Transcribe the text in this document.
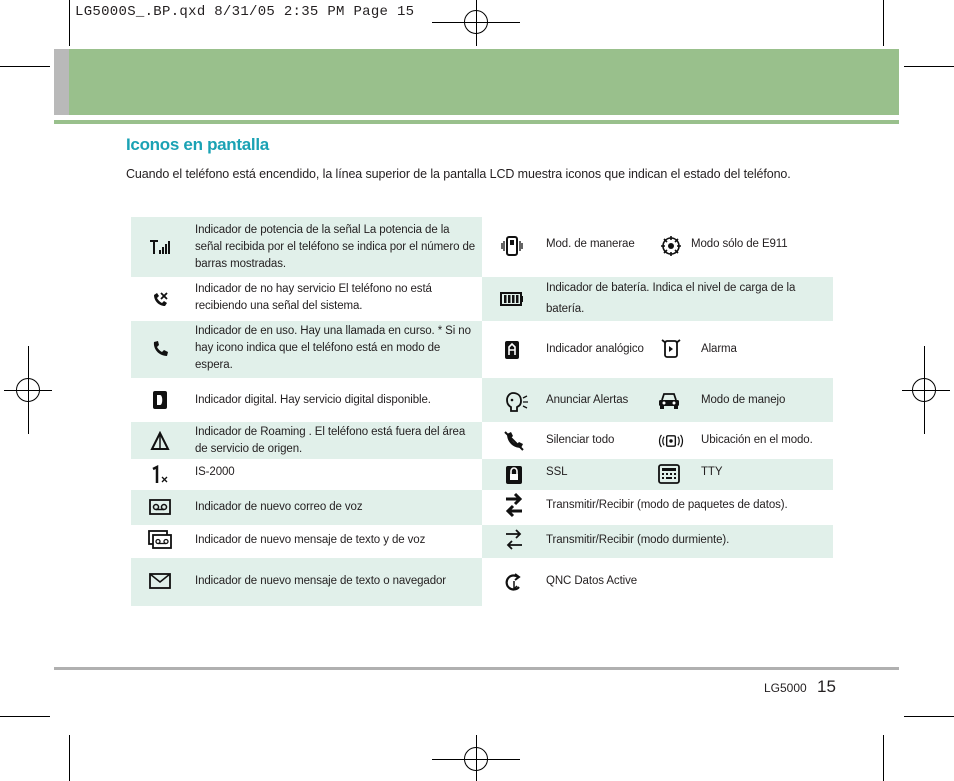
LG5000S_.BP.qxd 8/31/05 2:35 PM Page 15
Iconos en pantalla

Cuando el teléfono está encendido, la línea superior de la pantalla LCD muestra iconos que indican el estado del teléfono.

Indicador de potencia de la señal La potencia de la señal recibida por el teléfono se indica por el número de barras mostradas.
Indicador de no hay servicio El teléfono no está recibiendo una señal del sistema.
Indicador de en uso. Hay una llamada en curso. * Si no hay icono indica que el teléfono está en modo de espera.
Indicador digital. Hay servicio digital disponible.
Indicador de Roaming . El teléfono está fuera del área de servicio de origen.
IS-2000
Indicador de nuevo correo de voz
Indicador de nuevo mensaje de texto y de voz
Indicador de nuevo mensaje de texto o navegador
Mod. de manerae	Modo sólo de E911
Indicador de batería. Indica el nivel de carga de la batería.
Indicador analógico	Alarma
Anunciar Alertas	Modo de manejo
Silenciar todo	Ubicación en el modo.
SSL	TTY
Transmitir/Recibir (modo de paquetes de datos).
Transmitir/Recibir (modo durmiente).
QNC Datos Active
LG5000 15
